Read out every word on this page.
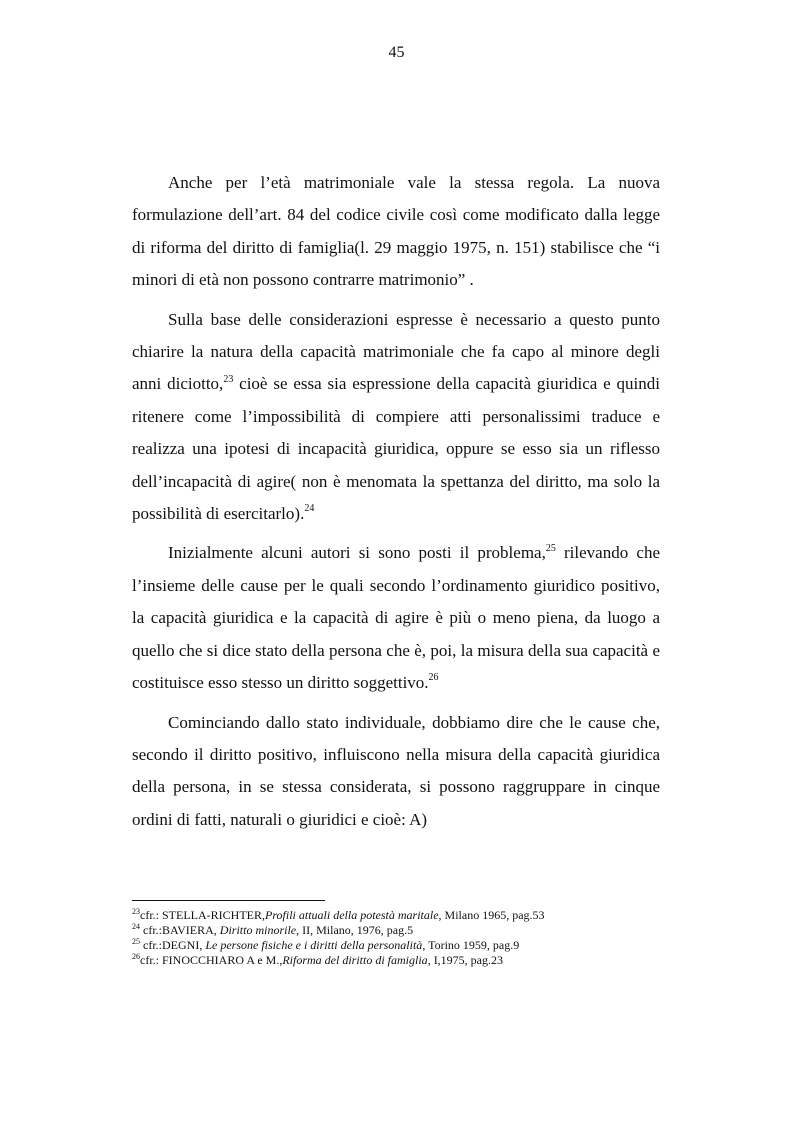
45

Anche per l’età matrimoniale vale la stessa regola. La nuova formulazione dell’art. 84 del codice civile così come modificato dalla legge di riforma del diritto di famiglia(l. 29 maggio 1975, n. 151) stabilisce che “i minori di età non possono contrarre matrimonio” .

Sulla base delle considerazioni espresse è necessario a questo punto chiarire la natura della capacità matrimoniale che fa capo al minore degli anni diciotto,$^{23}$ cioè se essa sia espressione della capacità giuridica e quindi ritenere come l’impossibilità di compiere atti personalissimi traduce e realizza una ipotesi di incapacità giuridica, oppure se esso sia un riflesso dell’incapacità di agire( non è menomata la spettanza del diritto, ma solo la possibilità di esercitarlo).$^{24}$

Inizialmente alcuni autori si sono posti il problema,$^{25}$ rilevando che l’insieme delle cause per le quali secondo l’ordinamento giuridico positivo, la capacità giuridica e la capacità di agire è più o meno piena, da luogo a quello che si dice stato della persona che è, poi, la misura della sua capacità e costituisce esso stesso un diritto soggettivo.$^{26}$

Cominciando dallo stato individuale, dobbiamo dire che le cause che, secondo il diritto positivo, influiscono nella misura della capacità giuridica della persona, in se stessa considerata, si possono raggruppare in cinque ordini di fatti, naturali o giuridici e cioè: A)

$^{23}$cfr.: STELLA-RICHTER,Profili attuali della potestà maritale, Milano 1965, pag.53
$^{24}$ cfr.:BAVIERA, Diritto minorile, II, Milano, 1976, pag.5
$^{25}$ cfr.:DEGNI, Le persone fisiche e i diritti della personalità, Torino 1959, pag.9
$^{26}$cfr.: FINOCCHIARO A e M.,Riforma del diritto di famiglia, I,1975, pag.23
